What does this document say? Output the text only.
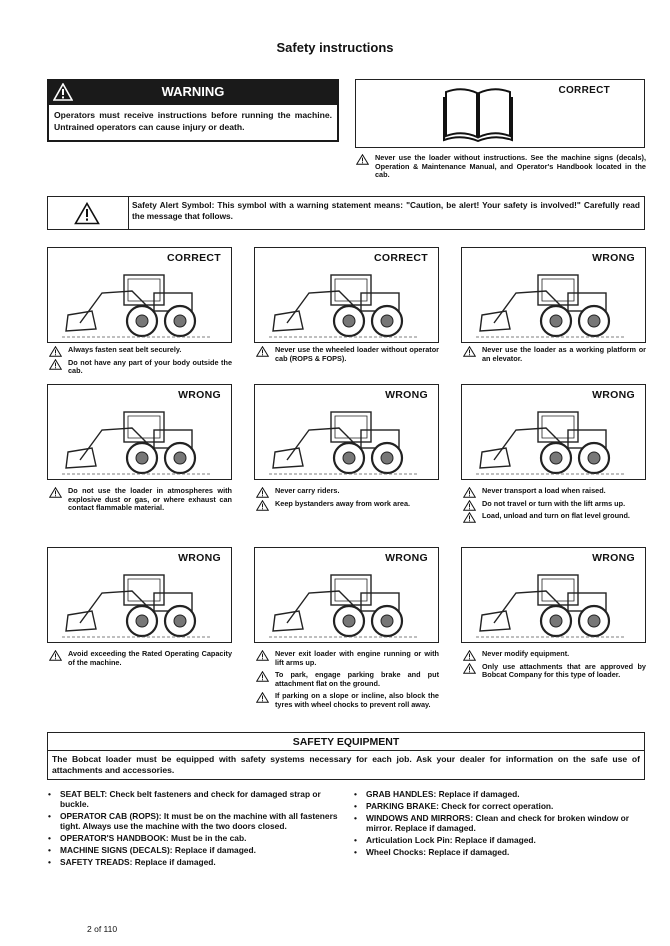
Safety instructions
WARNING
Operators must receive instructions before running the machine. Untrained operators can cause injury or death.
CORRECT
Never use the loader without instructions. See the machine signs (decals), Operation & Maintenance Manual, and Operator's Handbook located in the cab.
Safety Alert Symbol: This symbol with a warning statement means: "Caution, be alert! Your safety is involved!" Carefully read the message that follows.
CORRECT
Always fasten seat belt securely.
Do not have any part of your body outside the cab.
CORRECT
Never use the wheeled loader without operator cab (ROPS & FOPS).
WRONG
Never use the loader as a working platform or an elevator.
WRONG
Do not use the loader in atmospheres with explosive dust or gas, or where exhaust can contact flammable material.
WRONG
Never carry riders.
Keep bystanders away from work area.
WRONG
Never transport a load when raised.
Do not travel or turn with the lift arms up.
Load, unload and turn on flat level ground.
WRONG
Avoid exceeding the Rated Operating Capacity of the machine.
WRONG
Never exit loader with engine running or with lift arms up.
To park, engage parking brake and put attachment flat on the ground.
If parking on a slope or incline, also block the tyres with wheel chocks to prevent roll away.
WRONG
Never modify equipment.
Only use attachments that are approved by Bobcat Company for this type of loader.
SAFETY EQUIPMENT
The Bobcat loader must be equipped with safety systems necessary for each job. Ask your dealer for information on the safe use of attachments and accessories.
• SEAT BELT: Check belt fasteners and check for damaged strap or buckle.
• OPERATOR CAB (ROPS): It must be on the machine with all fasteners tight. Always use the machine with the two doors closed.
• OPERATOR'S HANDBOOK: Must be in the cab.
• MACHINE SIGNS (DECALS): Replace if damaged.
• SAFETY TREADS: Replace if damaged.
• GRAB HANDLES: Replace if damaged.
• PARKING BRAKE: Check for correct operation.
• WINDOWS AND MIRRORS: Clean and check for broken window or mirror. Replace if damaged.
• Articulation Lock Pin: Replace if damaged.
• Wheel Chocks: Replace if damaged.
2 of 110
